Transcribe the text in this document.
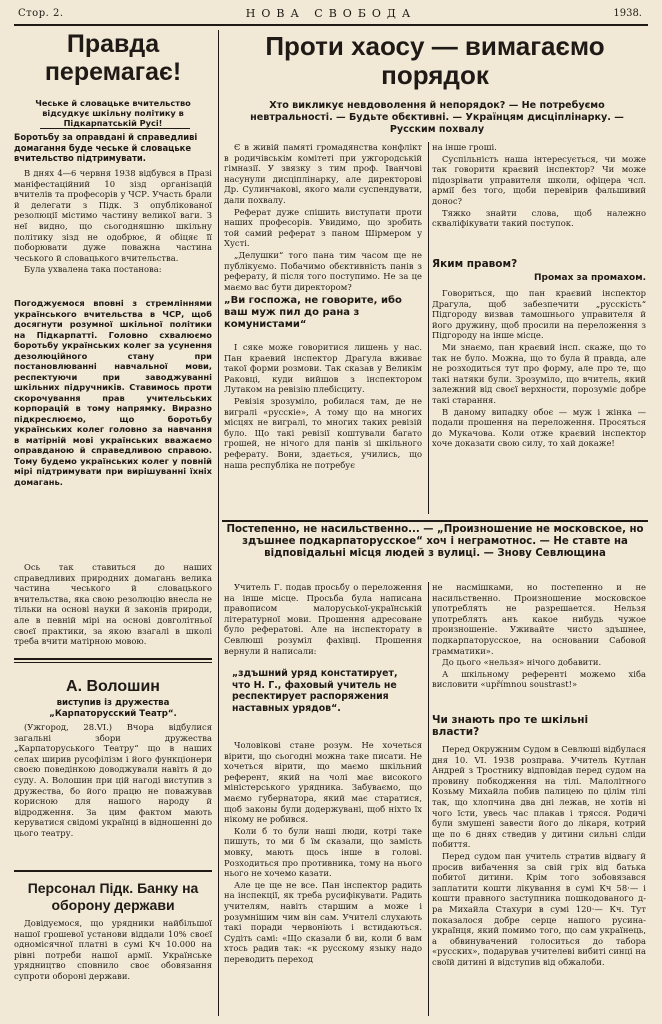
Стор. 2.	НОВА СВОБОДА	1938.
Правда перемагає!
Чеське й словацьке вчительство відсудкує шкільну політику в Підкарпатській Русі!
Боротьбу за оправдані й справедливі домагання буде чеське й словацьке вчительство підтримувати.

В днях 4—6 червня 1938 відбувся в Празі манiфестаційний 10 зізд організацій вчителів та професорів у ЧСР. Участь брали й делегати з Підк. З опублікованої резолюції містимо частину великої ваги. З неї видно, що сьогодняшню шкільну політику зізд не одобрює, й обіцяє її поборювати дуже поважна частина чеського й словацького вчительства.

Була ухвалена така постанова:

Погоджуємося вповні з стремлiннями українського вчительства в ЧСР, щоб досягнути розумної шкільної політики на Підкарпатті. Головно схвалюємо боротьбу українських колег за усунення дезолюційного стану при постановлюванні навчальної мови, респектуючи при заводжуванні шкільних підручників. Ставимось проти скорочування прав учительських корпорацій в тому напрямку. Виразно підкреслюємо, що боротьбу українських колег головно за навчання в матірній мові українських вважаємо оправданою й справедливою справою. Тому будемо українських колег у повній мірі підтримувати при вирішуванні їхніх домагань.

Ось так ставиться до наших справедливих природних домагань велика частина чеського й словацького вчительства, яка свою резолюцію внесла не тільки на основі науки й законів природи, але в певній мірі на основі довголітньої своєї практики, за якою взагалі в школі треба вчити матірною мовою.

А. Волошин
виступив із дружества „Карпаторусский Театр“.

(Ужгород, 28.VI.) Вчора відбулися загальні збори дружества „Карпаторуського Театру“ що в наших селах ширив русофілізм і його функціонери своєю поведінкою доводжували навіть й до суду. А. Волошин при цій нагоді виступив з дружества, бо його працю не поважував корисною для нашого народу й відродження. За цим фактом мають керуватися свідомі українці в відношенні до цього театру.

Персонал Підк. Банку на оборону держави

Довідуємося, що урядники найбільшої нашої грошевої установи віддали 10% своєї одномісячної платні в сумі Кч 10.000 на рівні потреби нашої армії. Українське урядництво сповнило своє обовязання супроти обороні держави.

Проти хаосу — вимагаємо порядок
Хто викликує невдоволення й непорядок? — Не потребуємо невтральності. — Будьте обєктивні. — Українцям дисціплінарку. — Русским похвалу

Є в живій памяті громадянства конфлікт в родичівськім комітеті при ужгородській гімназії. У звязку з тим проф. Іванчові насунули дисціплінарку, але директорові Др. Сулинчакові, якого мали суспендувати, дали похвалу.

Реферат дуже спішить виступати проти наших професорів. Увидимо, що зробить той самий реферат з паном Шірмером у Хусті.

„Делушки“ того пана тим часом ще не публікуємо. Побачимо обєктивність панів з реферату, й після того поступимо. Не за це маємо вас бути директором?

„Ви госпожа, не говорите, ибо ваш муж пил до рана з комунистами“

І сяке може говоритися лишень у нас. Пан краевий інспектор Драгула вживає такої форми розмови. Так сказав у Великім Раковці, куди вийшов з інспектором Лутаком на ревізію плебісциту.

Ревізія зрозуміло, робилася там, де не вигралі «русскіе», А тому що на многих місцях не вигралі, то многих таких ревізій було. Що такі ревізії коштували багато грошей, не нічого для панів зі шкільного реферату. Вони, здається, учились, що наша республіка не потребує

на інше гроші.

Суспільність наша інтересується, чи може так говорити краєвий інспектор? Чи може підозрівати управителя школи, офіцера чсл. армії без того, щоби перевірив фальшивий донос?

Тяжко знайти слова, щоб належно скваліфікувати такий поступок.

Яким правом?
Промах за промахом.

Говориться, що пан краєвий інспектор Драгула, щоб забезпечити „русскість“ Підгороду визвав тамошнього управителя й його дружину, щоб просили на переложення з Підгороду на інше місце.

Ми знаємо, пан краєвий інсп. скаже, що то так не було. Можна, що то була й правда, але не розходиться тут про форму, але про те, що такі натяки були. Зрозуміло, що вчитель, який залежний від своєї верхности, порозуміє добре такі старання.

В даному випадку обоє — муж і жінка — подали прошення на переложення. Просяться до Мукачова. Коли отже краєвий інспектор хоче доказати свою силу, то хай докаже!

Постепенно, не насильственно... — „Произношение не московское, но здъшнее подкарпаторусское“ хоч і неграмотнос. — Не ставте на відповідальні місця людей з вулиці. — Знову Севлющина

Учитель Г. подав просьбу о переложення на інше місце. Просьба була написана правописом малоруської-українській літературної мови. Прошення адресоване було рефератові. Але на інспекторату в Севлюші розуміл фахівці. Прошення вернули й написали:

„здъшний уряд констатирует, что Н. Г., фаховый учитель не респектирует распоряжения наставных урядов“.

Чоловікові стане розум. Не хочеться вірити, що сьогодні можна таке писати. Не хочеться вірити, що маємо шкільний референт, який на чолі має високого міністерського урядника. Забуваємо, що маємо губернатора, який має старатися, щоб законы були додержувані, щоб ніхто їх нікому не робився.

Коли б то були наші люди, котрі таке пишуть, то ми б їм сказали, що замість мовку, мають щось інше в голові. Розходиться про противника, тому на нього нього не хочемо казати.

Але це ще не все. Пан інспектор радить на інспекції, як треба русифікувати. Радить учителям, навіть старшим а може і розумнішим чим він сам. Учителі слухають такі поради червоніють і встидаються. Судіть самі: «Що сказали б ви, коли б вам хтось радив так: «к русскому языку надо переводить переход

не насмішками, но постепенно и не насильственно. Произношение московское употреблять не разрешается. Нельзя употреблять анъ какое нибудь чужое произношеніе. Уживайте чисто здъшнее, подкарпаторусское, на основании Сабовой грамматики».

До цього «нельзя» нічого добавити.

А шкільному референті можемо хіба висловити «upřímnou soustrast!»

Чи знають про те шкільні власти?

Перед Окружним Судом в Севлюші відбулася дня 10. VI. 1938 розправа. Учитель Кутлан Андрей з Тростнику відповідав перед судом на провину побкодження на тілі. Малолітного Козьму Михайла побив палицею по цілім тілі так, що хлопчина два дні лежав, не хотів ні чого їсти, увесь час плакав і трясся. Родичі були змушені завести його до лікаря, котрий ще по 6 днях стведив у дитини сильні сліди побиття.

Перед судом пан учитель стратив відвагу й просив вибачення за свій гріх від батька побитої дитини. Крім того зобовязався заплатити кошти лікування в сумі Кч 58·— і кошти правного заступника пошкодованого д-ра Михайла Стахури в сумі 120·— Кч. Тут показалося добре серце нашого русина-українця, який помимо того, що сам українець, а обвинувачений голоситься до табора «русских», подарував учителеві вибиті синці на своїй дитині й відступив від обжалоби.
